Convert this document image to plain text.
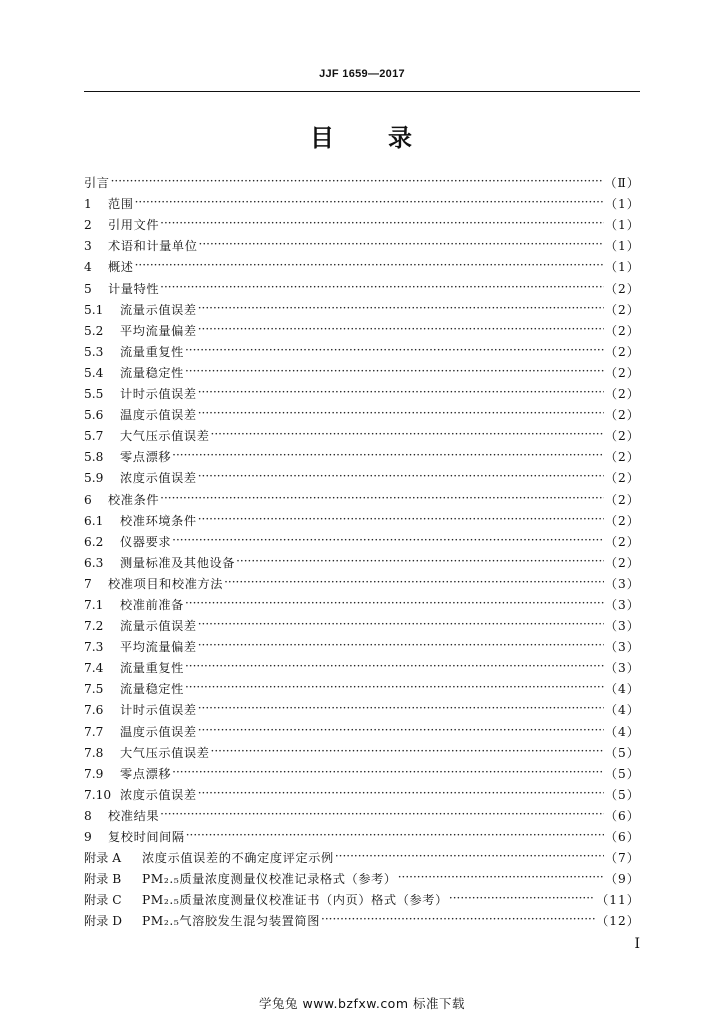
JJF 1659—2017
目　　录
引言 ·····	（Ⅱ）
1	范围 ·····	（1）
2	引用文件 ·····	（1）
3	术语和计量单位 ·····	（1）
4	概述 ·····	（1）
5	计量特性 ·····	（2）
5.1	流量示值误差 ·····	（2）
5.2	平均流量偏差 ·····	（2）
5.3	流量重复性 ·····	（2）
5.4	流量稳定性 ·····	（2）
5.5	计时示值误差 ·····	（2）
5.6	温度示值误差 ·····	（2）
5.7	大气压示值误差 ·····	（2）
5.8	零点漂移 ·····	（2）
5.9	浓度示值误差 ·····	（2）
6	校准条件 ·····	（2）
6.1	校准环境条件 ·····	（2）
6.2	仪器要求 ·····	（2）
6.3	测量标准及其他设备 ·····	（2）
7	校准项目和校准方法 ·····	（3）
7.1	校准前准备 ·····	（3）
7.2	流量示值误差 ·····	（3）
7.3	平均流量偏差 ·····	（3）
7.4	流量重复性 ·····	（3）
7.5	流量稳定性 ·····	（4）
7.6	计时示值误差 ·····	（4）
7.7	温度示值误差 ·····	（4）
7.8	大气压示值误差 ·····	（5）
7.9	零点漂移 ·····	（5）
7.10 浓度示值误差 ·····	（5）
8	校准结果 ·····	（6）
9	复校时间间隔 ·····	（6）
附录 A	浓度示值误差的不确定度评定示例 ·····	（7）
附录 B	PM₂.₅质量浓度测量仪校准记录格式（参考） ·····	（9）
附录 C	PM₂.₅质量浓度测量仪校准证书（内页）格式（参考） ·····	（11）
附录 D	PM₂.₅气溶胶发生混匀装置简图 ·····	（12）
I
学兔兔 www.bzfxw.com 标准下载
